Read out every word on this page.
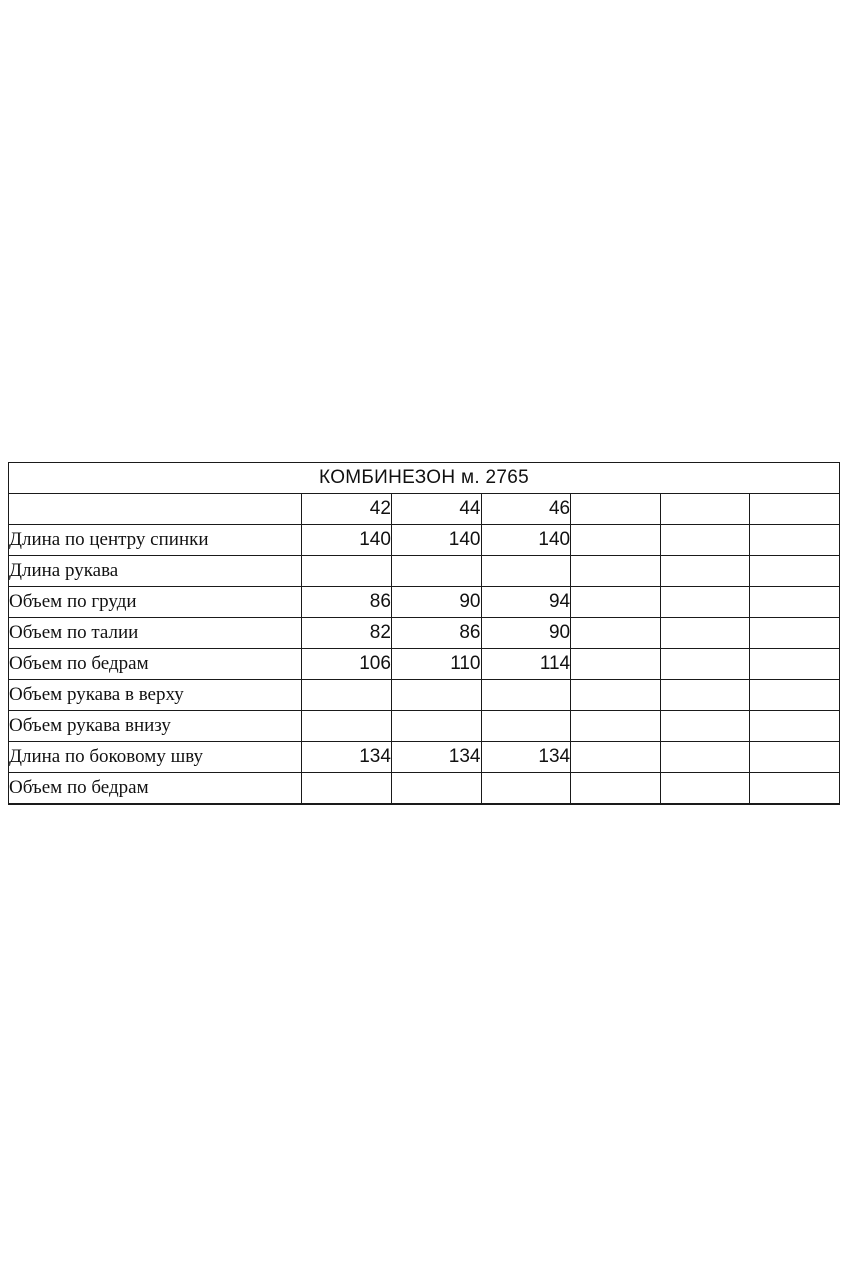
КОМБИНЕЗОН м. 2765						
	42	44	46			
Длина по центру спинки	140	140	140			
Длина рукава						
Объем по груди	86	90	94			
Объем по талии	82	86	90			
Объем по бедрам	106	110	114			
Объем рукава в верху						
Объем рукава внизу						
Длина по боковому шву	134	134	134			
Объем по бедрам						
